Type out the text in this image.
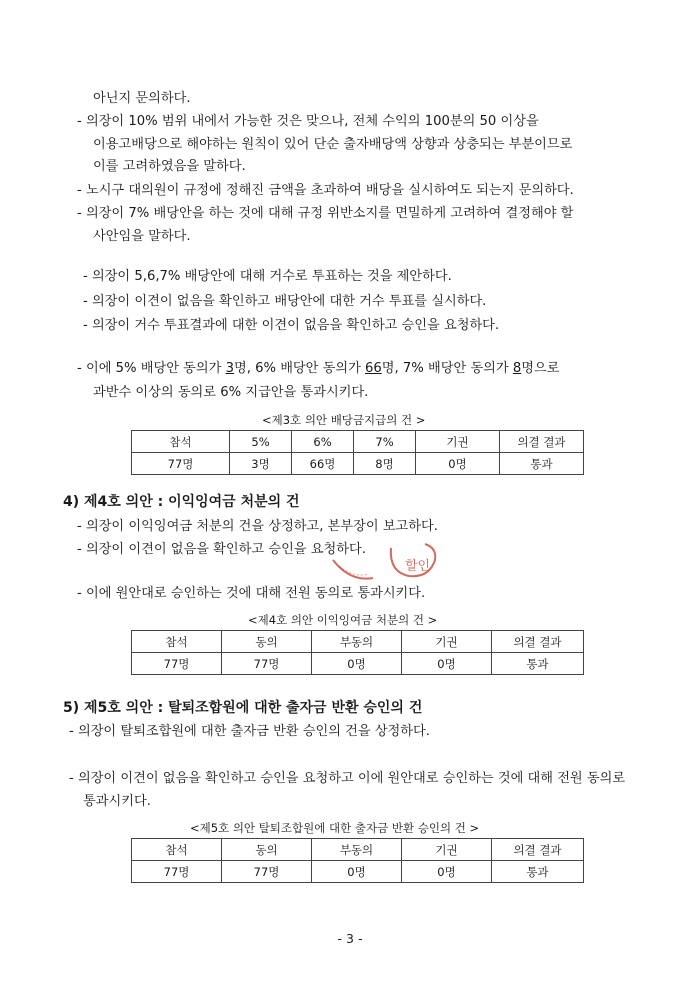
아닌지 문의하다.
- 의장이 10% 범위 내에서 가능한 것은 맞으나, 전체 수익의 100분의 50 이상을
이용고배당으로 해야하는 원칙이 있어 단순 출자배당액 상향과 상충되는 부분이므로
이를 고려하였음을 말하다.
- 노시구 대의원이 규정에 정해진 금액을 초과하여 배당을 실시하여도 되는지 문의하다.
- 의장이 7% 배당안을 하는 것에 대해 규정 위반소지를 면밀하게 고려하여 결정해야 할
사안임을 말하다.
- 의장이 5,6,7% 배당안에 대해 거수로 투표하는 것을 제안하다.
- 의장이 이견이 없음을 확인하고 배당안에 대한 거수 투표를 실시하다.
- 의장이 거수 투표결과에 대한 이견이 없음을 확인하고 승인을 요청하다.
- 이에 5% 배당안 동의가 3명, 6% 배당안 동의가 66명, 7% 배당안 동의가 8명으로
과반수 이상의 동의로 6% 지급안을 통과시키다.
<제3호 의안 배당금지급의 건 >
참석	5%	6%	7%	기권	의결 결과
77명	3명	66명	8명	0명	통과
4) 제4호 의안 : 이익잉여금 처분의 건
- 의장이 이익잉여금 처분의 건을 상정하고, 본부장이 보고하다.
- 의장이 이견이 없음을 확인하고 승인을 요청하다.
할인
- 이에 원안대로 승인하는 것에 대해 전원 동의로 통과시키다.
<제4호 의안 이익잉여금 처분의 건 >
참석	동의	부동의	기권	의결 결과
77명	77명	0명	0명	통과
5) 제5호 의안 : 탈퇴조합원에 대한 출자금 반환 승인의 건
- 의장이 탈퇴조합원에 대한 출자금 반환 승인의 건을 상정하다.
- 의장이 이견이 없음을 확인하고 승인을 요청하고 이에 원안대로 승인하는 것에 대해 전원 동의로
통과시키다.
<제5호 의안 탈퇴조합원에 대한 출자금 반환 승인의 건 >
참석	동의	부동의	기권	의결 결과
77명	77명	0명	0명	통과
- 3 -
